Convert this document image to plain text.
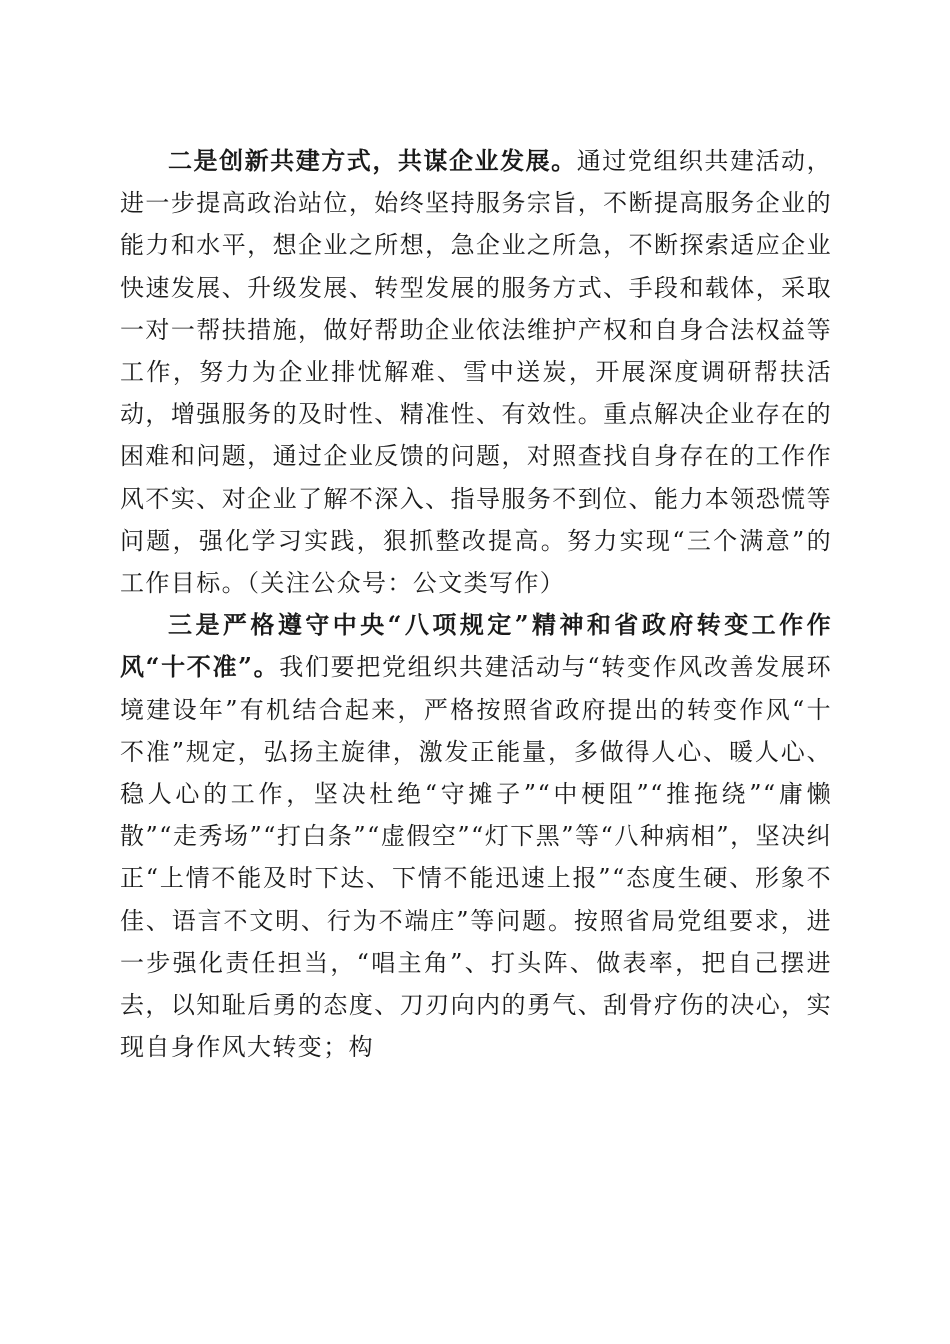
二是创新共建方式，共谋企业发展。通过党组织共建活动，进一步提高政治站位，始终坚持服务宗旨，不断提高服务企业的能力和水平，想企业之所想，急企业之所急，不断探索适应企业快速发展、升级发展、转型发展的服务方式、手段和载体，采取一对一帮扶措施，做好帮助企业依法维护产权和自身合法权益等工作，努力为企业排忧解难、雪中送炭，开展深度调研帮扶活动，增强服务的及时性、精准性、有效性。重点解决企业存在的困难和问题，通过企业反馈的问题，对照查找自身存在的工作作风不实、对企业了解不深入、指导服务不到位、能力本领恐慌等问题，强化学习实践，狠抓整改提高。努力实现“三个满意”的工作目标。（关注公众号：公文类写作）

三是严格遵守中央“八项规定”精神和省政府转变工作作风“十不准”。我们要把党组织共建活动与“转变作风改善发展环境建设年”有机结合起来，严格按照省政府提出的转变作风“十不准”规定，弘扬主旋律，激发正能量，多做得人心、暖人心、稳人心的工作，坚决杜绝“守摊子”“中梗阻”“推拖绕”“庸懒散”“走秀场”“打白条”“虚假空”“灯下黑”等“八种病相”，坚决纠正“上情不能及时下达、下情不能迅速上报”“态度生硬、形象不佳、语言不文明、行为不端庄”等问题。按照省局党组要求，进一步强化责任担当，“唱主角”、打头阵、做表率，把自己摆进去，以知耻后勇的态度、刀刃向内的勇气、刮骨疗伤的决心，实现自身作风大转变；构
